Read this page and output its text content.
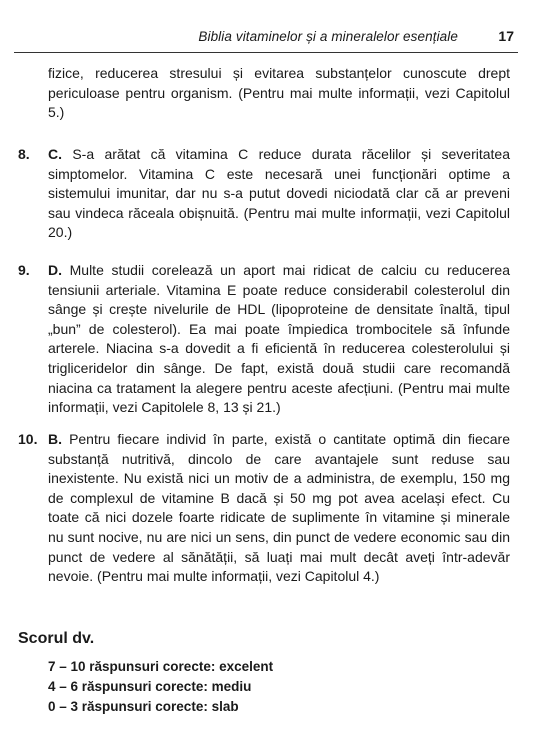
Biblia vitaminelor și a mineralelor esențiale	17

fizice, reducerea stresului și evitarea substanțelor cunoscute drept periculoase pentru organism. (Pentru mai multe informații, vezi Capitolul 5.)

8. C. S-a arătat că vitamina C reduce durata răcelilor și severitatea simptomelor. Vitamina C este necesară unei funcționări optime a sistemului imunitar, dar nu s-a putut dovedi niciodată clar că ar preveni sau vindeca răceala obișnuită. (Pentru mai multe informații, vezi Capitolul 20.)

9. D. Multe studii corelează un aport mai ridicat de calciu cu reducerea tensiunii arteriale. Vitamina E poate reduce considerabil colesterolul din sânge și crește nivelurile de HDL (lipoproteine de densitate înaltă, tipul „bun” de colesterol). Ea mai poate împiedica trombocitele să înfunde arterele. Niacina s-a dovedit a fi eficientă în reducerea colesterolului și trigliceridelor din sânge. De fapt, există două studii care recomandă niacina ca tratament la alegere pentru aceste afecțiuni. (Pentru mai multe informații, vezi Capitolele 8, 13 și 21.)

10. B. Pentru fiecare individ în parte, există o cantitate optimă din fiecare substanță nutritivă, dincolo de care avantajele sunt reduse sau inexistente. Nu există nici un motiv de a administra, de exemplu, 150 mg de complexul de vitamine B dacă și 50 mg pot avea același efect. Cu toate că nici dozele foarte ridicate de suplimente în vitamine și minerale nu sunt nocive, nu are nici un sens, din punct de vedere economic sau din punct de vedere al sănătății, să luați mai mult decât aveți într-adevăr nevoie. (Pentru mai multe informații, vezi Capitolul 4.)

Scorul dv.
7 – 10 răspunsuri corecte: excelent
4 – 6 răspunsuri corecte: mediu
0 – 3 răspunsuri corecte: slab
